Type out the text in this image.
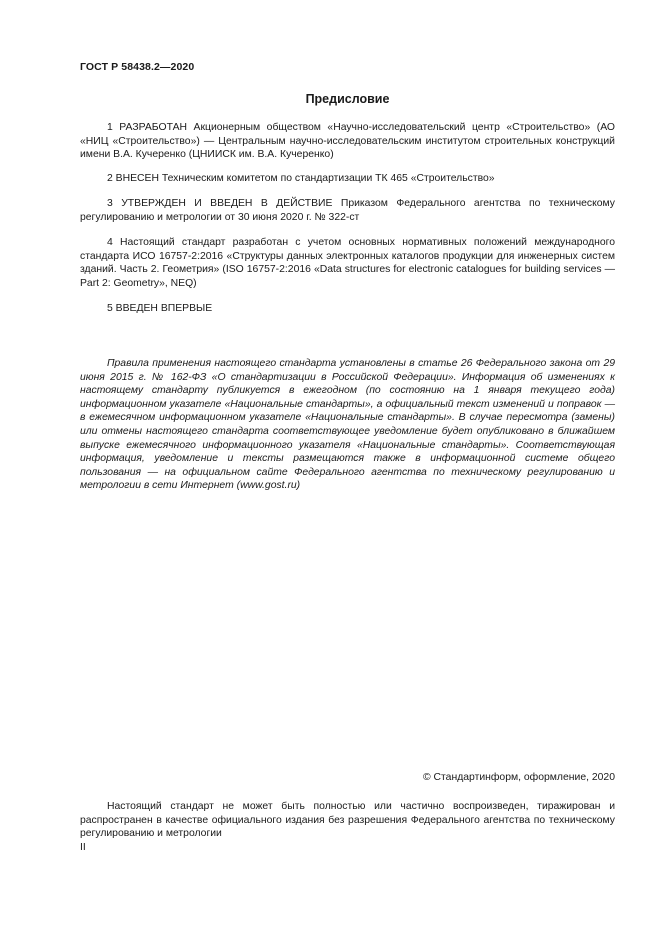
ГОСТ Р 58438.2—2020
Предисловие

1 РАЗРАБОТАН Акционерным обществом «Научно-исследовательский центр «Строительство» (АО «НИЦ «Строительство») — Центральным научно-исследовательским институтом строительных конструкций имени В.А. Кучеренко (ЦНИИСК им. В.А. Кучеренко)

2 ВНЕСЕН Техническим комитетом по стандартизации ТК 465 «Строительство»

3 УТВЕРЖДЕН И ВВЕДЕН В ДЕЙСТВИЕ Приказом Федерального агентства по техническому регулированию и метрологии от 30 июня 2020 г. № 322-ст

4 Настоящий стандарт разработан с учетом основных нормативных положений международного стандарта ИСО 16757-2:2016 «Структуры данных электронных каталогов продукции для инженерных систем зданий. Часть 2. Геометрия» (ISO 16757-2:2016 «Data structures for electronic catalogues for building services — Part 2: Geometry», NEQ)

5 ВВЕДЕН ВПЕРВЫЕ

Правила применения настоящего стандарта установлены в статье 26 Федерального закона от 29 июня 2015 г. № 162-ФЗ «О стандартизации в Российской Федерации». Информация об изменениях к настоящему стандарту публикуется в ежегодном (по состоянию на 1 января текущего года) информационном указателе «Национальные стандарты», а официальный текст изменений и поправок — в ежемесячном информационном указателе «Национальные стандарты». В случае пересмотра (замены) или отмены настоящего стандарта соответствующее уведомление будет опубликовано в ближайшем выпуске ежемесячного информационного указателя «Национальные стандарты». Соответствующая информация, уведомление и тексты размещаются также в информационной системе общего пользования — на официальном сайте Федерального агентства по техническому регулированию и метрологии в сети Интернет (www.gost.ru)

© Стандартинформ, оформление, 2020

Настоящий стандарт не может быть полностью или частично воспроизведен, тиражирован и распространен в качестве официального издания без разрешения Федерального агентства по техническому регулированию и метрологии

II
